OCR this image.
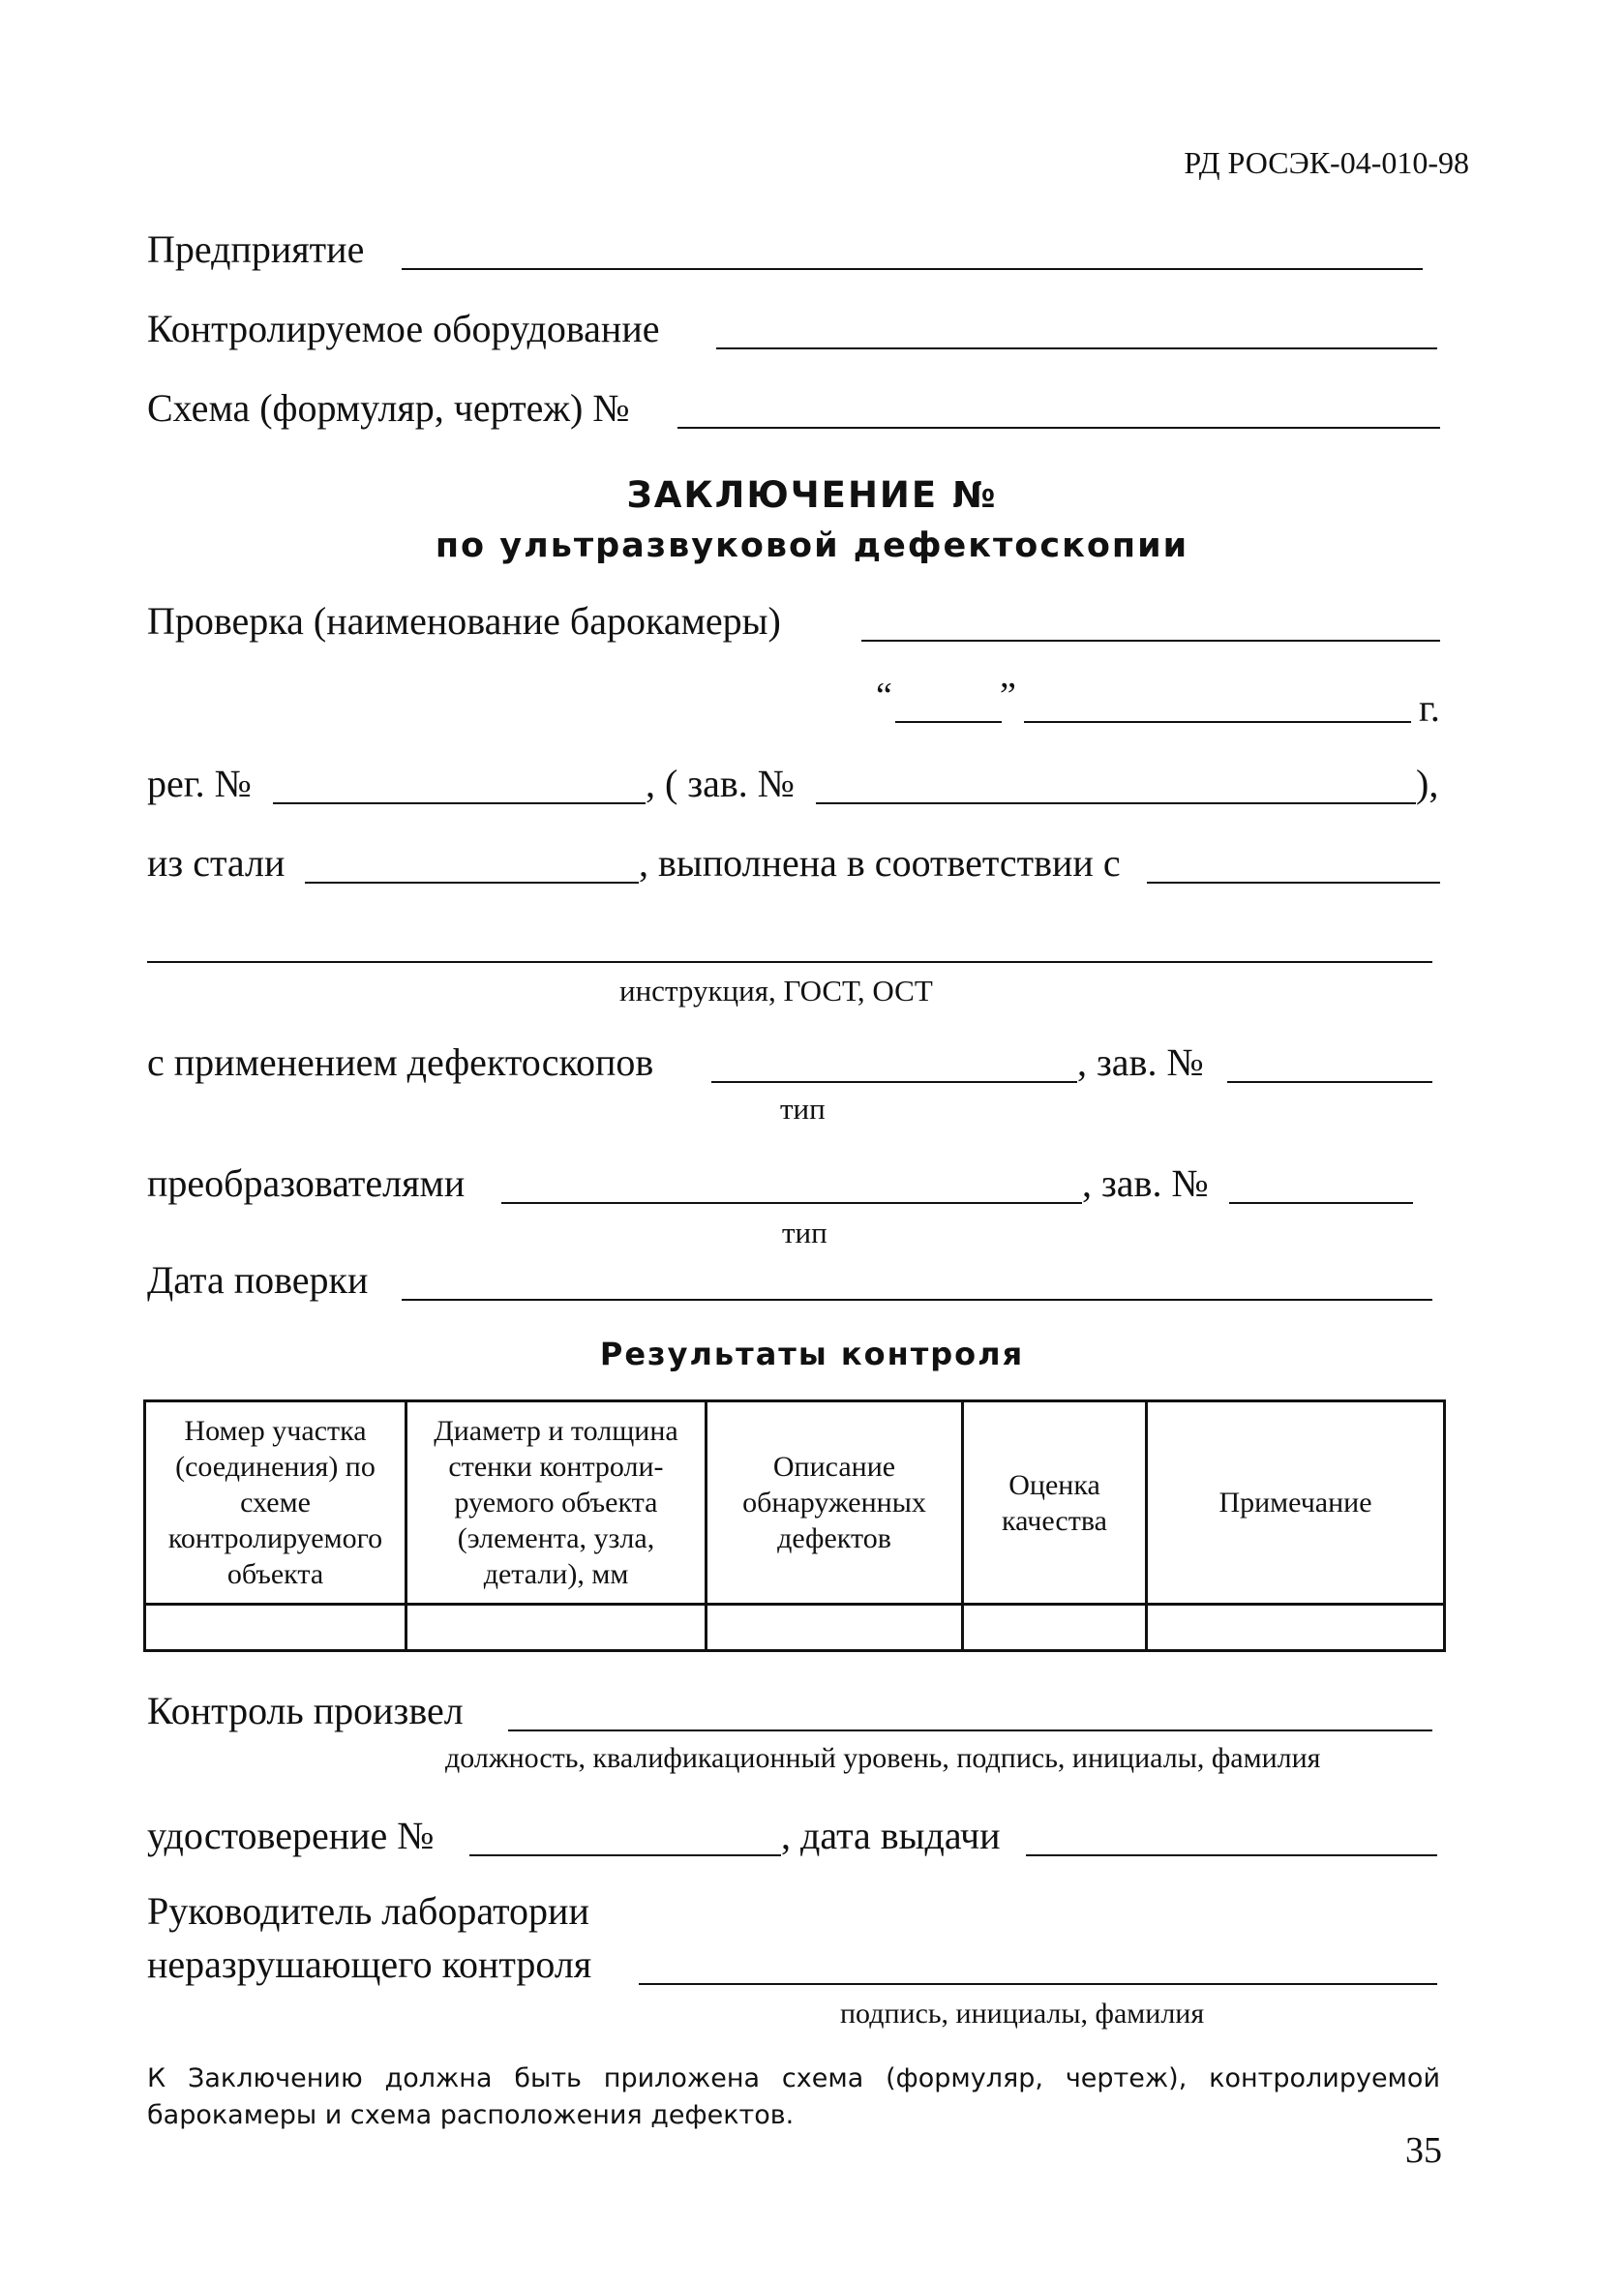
РД РОСЭК-04-010-98
Предприятие
Контролируемое оборудование
Схема (формуляр, чертеж) №
ЗАКЛЮЧЕНИЕ №
по ультразвуковой дефектоскопии
Проверка (наименование барокамеры)
“	”	г.
рег. №	, ( зав. №	),
из стали	, выполнена в соответствии с
инструкция, ГОСТ, ОСТ
с применением дефектоскопов	, зав. №
тип
преобразователями	, зав. №
тип
Дата поверки
Результаты контроля
Номер участка (соединения) по схеме контролируемого объекта	Диаметр и толщина стенки контроли-руемого объекта (элемента, узла, детали), мм	Описание обнаруженных дефектов	Оценка качества	Примечание

Контроль произвел
должность, квалификационный уровень, подпись, инициалы, фамилия
удостоверение №	, дата выдачи
Руководитель лаборатории
неразрушающего контроля
подпись, инициалы, фамилия
К Заключению должна быть приложена схема (формуляр, чертеж), контролируемой барокамеры и схема расположения дефектов.
35
